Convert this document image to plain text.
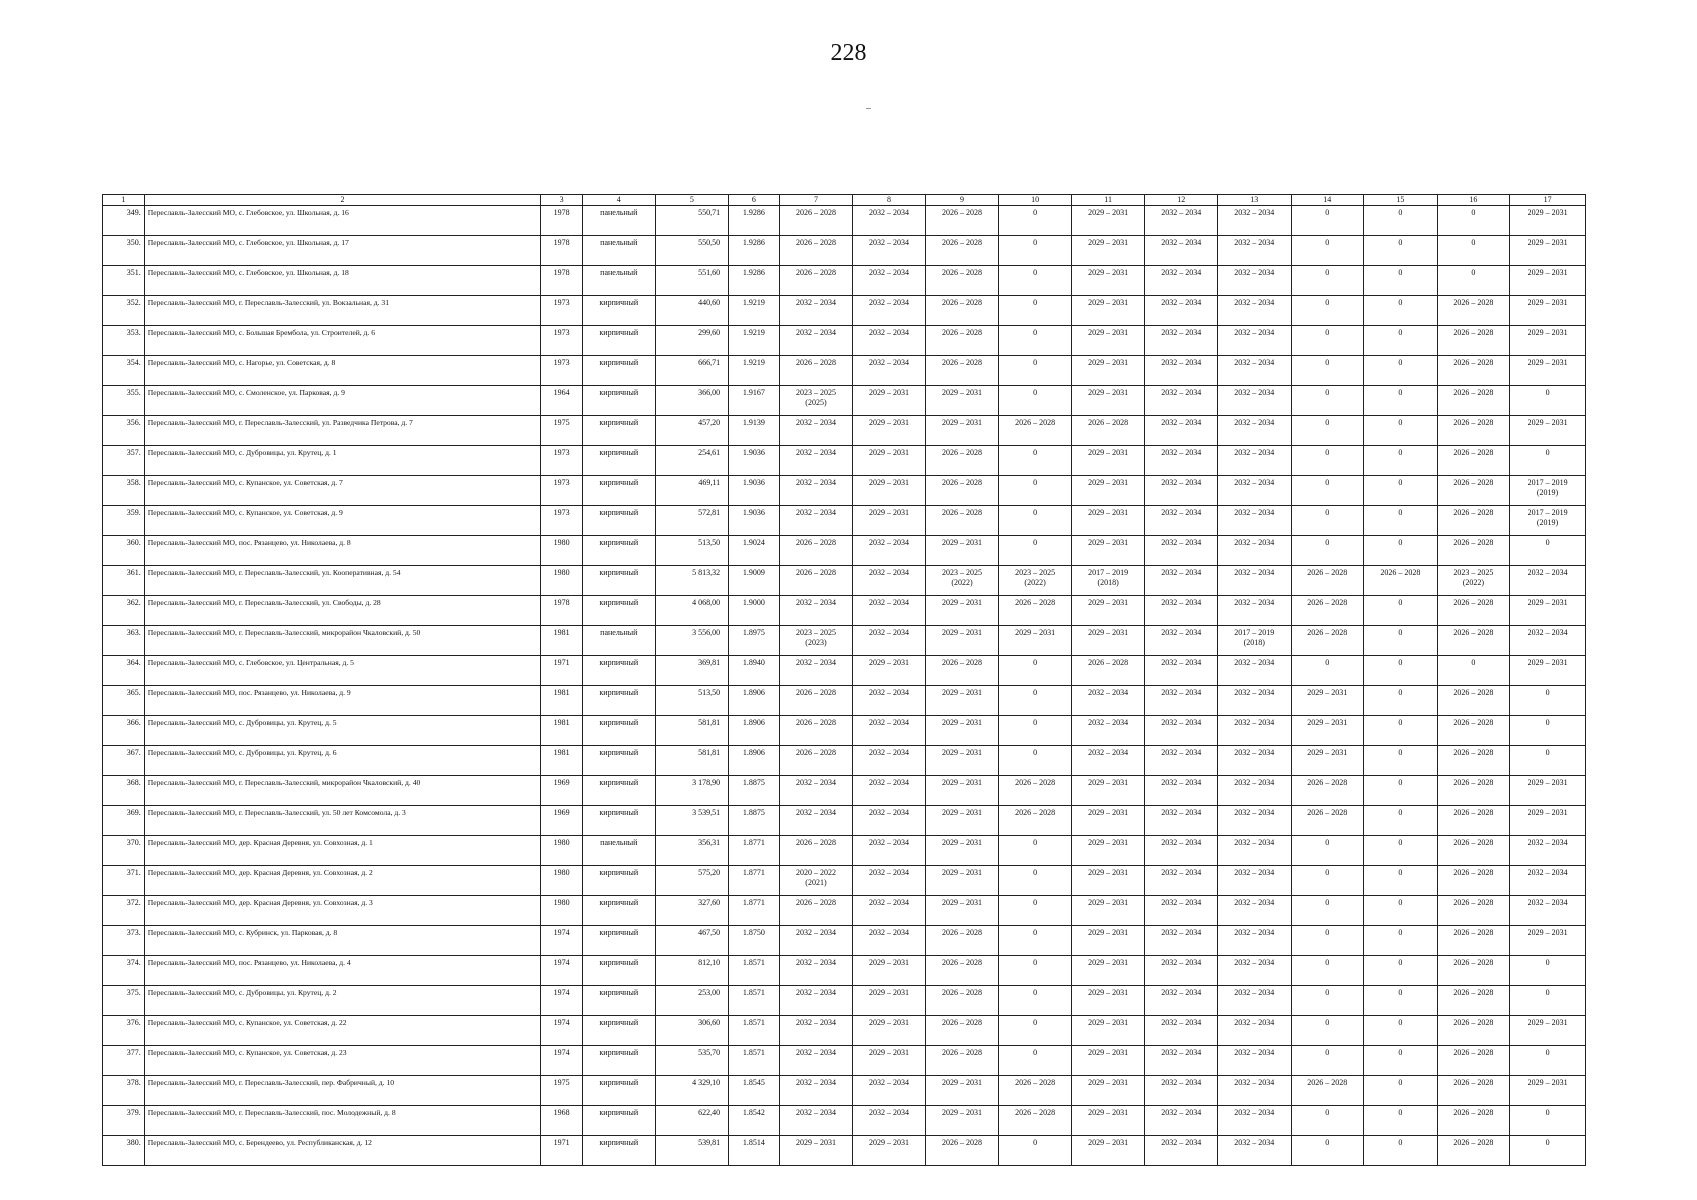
228
1	2	3	4	5	6	7	8	9	10	11	12	13	14	15	16	17

349.	Переславль-Залесский МО, с. Глебовское, ул. Школьная, д. 16	1978	панельный	550,71	1.9286	2026 – 2028	2032 – 2034	2026 – 2028	0	2029 – 2031	2032 – 2034	2032 – 2034	0	0	0	2029 – 2031

350.	Переславль-Залесский МО, с. Глебовское, ул. Школьная, д. 17	1978	панельный	550,50	1.9286	2026 – 2028	2032 – 2034	2026 – 2028	0	2029 – 2031	2032 – 2034	2032 – 2034	0	0	0	2029 – 2031

351.	Переславль-Залесский МО, с. Глебовское, ул. Школьная, д. 18	1978	панельный	551,60	1.9286	2026 – 2028	2032 – 2034	2026 – 2028	0	2029 – 2031	2032 – 2034	2032 – 2034	0	0	0	2029 – 2031

352.	Переславль-Залесский МО, г. Переславль-Залесский, ул. Вокзальная, д. 31	1973	кирпичный	440,60	1.9219	2032 – 2034	2032 – 2034	2026 – 2028	0	2029 – 2031	2032 – 2034	2032 – 2034	0	0	2026 – 2028	2029 – 2031

353.	Переславль-Залесский МО, с. Большая Брембола, ул. Строителей, д. 6	1973	кирпичный	299,60	1.9219	2032 – 2034	2032 – 2034	2026 – 2028	0	2029 – 2031	2032 – 2034	2032 – 2034	0	0	2026 – 2028	2029 – 2031

354.	Переславль-Залесский МО, с. Нагорье, ул. Советская, д. 8	1973	кирпичный	666,71	1.9219	2026 – 2028	2032 – 2034	2026 – 2028	0	2029 – 2031	2032 – 2034	2032 – 2034	0	0	2026 – 2028	2029 – 2031

355.	Переславль-Залесский МО, с. Смоленское, ул. Парковая, д. 9	1964	кирпичный	366,00	1.9167	2023 – 2025
(2025)	2029 – 2031	2029 – 2031	0	2029 – 2031	2032 – 2034	2032 – 2034	0	0	2026 – 2028	0

356.	Переславль-Залесский МО, г. Переславль-Залесский, ул. Разведчика Петрова, д. 7	1975	кирпичный	457,20	1.9139	2032 – 2034	2029 – 2031	2029 – 2031	2026 – 2028	2026 – 2028	2032 – 2034	2032 – 2034	0	0	2026 – 2028	2029 – 2031

357.	Переславль-Залесский МО, с. Дубровицы, ул. Крутец, д. 1	1973	кирпичный	254,61	1.9036	2032 – 2034	2029 – 2031	2026 – 2028	0	2029 – 2031	2032 – 2034	2032 – 2034	0	0	2026 – 2028	0

358.	Переславль-Залесский МО, с. Купанское, ул. Советская, д. 7	1973	кирпичный	469,11	1.9036	2032 – 2034	2029 – 2031	2026 – 2028	0	2029 – 2031	2032 – 2034	2032 – 2034	0	0	2026 – 2028	2017 – 2019
(2019)

359.	Переславль-Залесский МО, с. Купанское, ул. Советская, д. 9	1973	кирпичный	572,81	1.9036	2032 – 2034	2029 – 2031	2026 – 2028	0	2029 – 2031	2032 – 2034	2032 – 2034	0	0	2026 – 2028	2017 – 2019
(2019)

360.	Переславль-Залесский МО, пос. Рязанцево, ул. Николаева, д. 8	1980	кирпичный	513,50	1.9024	2026 – 2028	2032 – 2034	2029 – 2031	0	2029 – 2031	2032 – 2034	2032 – 2034	0	0	2026 – 2028	0

361.	Переславль-Залесский МО, г. Переславль-Залесский, ул. Кооперативная, д. 54	1980	кирпичный	5 813,32	1.9009	2026 – 2028	2032 – 2034	2023 – 2025
(2022)	2023 – 2025
(2022)	2017 – 2019
(2018)	2032 – 2034	2032 – 2034	2026 – 2028	2026 – 2028	2023 – 2025
(2022)	2032 – 2034

362.	Переславль-Залесский МО, г. Переславль-Залесский, ул. Свободы, д. 28	1978	кирпичный	4 068,00	1.9000	2032 – 2034	2032 – 2034	2029 – 2031	2026 – 2028	2029 – 2031	2032 – 2034	2032 – 2034	2026 – 2028	0	2026 – 2028	2029 – 2031

363.	Переславль-Залесский МО, г. Переславль-Залесский, микрорайон Чкаловский, д. 50	1981	панельный	3 556,00	1.8975	2023 – 2025
(2023)	2032 – 2034	2029 – 2031	2029 – 2031	2029 – 2031	2032 – 2034	2017 – 2019
(2018)	2026 – 2028	0	2026 – 2028	2032 – 2034

364.	Переславль-Залесский МО, с. Глебовское, ул. Центральная, д. 5	1971	кирпичный	369,81	1.8940	2032 – 2034	2029 – 2031	2026 – 2028	0	2026 – 2028	2032 – 2034	2032 – 2034	0	0	0	2029 – 2031

365.	Переславль-Залесский МО, пос. Рязанцево, ул. Николаева, д. 9	1981	кирпичный	513,50	1.8906	2026 – 2028	2032 – 2034	2029 – 2031	0	2032 – 2034	2032 – 2034	2032 – 2034	2029 – 2031	0	2026 – 2028	0

366.	Переславль-Залесский МО, с. Дубровицы, ул. Крутец, д. 5	1981	кирпичный	581,81	1.8906	2026 – 2028	2032 – 2034	2029 – 2031	0	2032 – 2034	2032 – 2034	2032 – 2034	2029 – 2031	0	2026 – 2028	0

367.	Переславль-Залесский МО, с. Дубровицы, ул. Крутец, д. 6	1981	кирпичный	581,81	1.8906	2026 – 2028	2032 – 2034	2029 – 2031	0	2032 – 2034	2032 – 2034	2032 – 2034	2029 – 2031	0	2026 – 2028	0

368.	Переславль-Залесский МО, г. Переславль-Залесский, микрорайон Чкаловский, д. 40	1969	кирпичный	3 178,90	1.8875	2032 – 2034	2032 – 2034	2029 – 2031	2026 – 2028	2029 – 2031	2032 – 2034	2032 – 2034	2026 – 2028	0	2026 – 2028	2029 – 2031

369.	Переславль-Залесский МО, г. Переславль-Залесский, ул. 50 лет Комсомола, д. 3	1969	кирпичный	3 539,51	1.8875	2032 – 2034	2032 – 2034	2029 – 2031	2026 – 2028	2029 – 2031	2032 – 2034	2032 – 2034	2026 – 2028	0	2026 – 2028	2029 – 2031

370.	Переславль-Залесский МО, дер. Красная Деревня, ул. Совхозная, д. 1	1980	панельный	356,31	1.8771	2026 – 2028	2032 – 2034	2029 – 2031	0	2029 – 2031	2032 – 2034	2032 – 2034	0	0	2026 – 2028	2032 – 2034

371.	Переславль-Залесский МО, дер. Красная Деревня, ул. Совхозная, д. 2	1980	кирпичный	575,20	1.8771	2020 – 2022
(2021)	2032 – 2034	2029 – 2031	0	2029 – 2031	2032 – 2034	2032 – 2034	0	0	2026 – 2028	2032 – 2034

372.	Переславль-Залесский МО, дер. Красная Деревня, ул. Совхозная, д. 3	1980	кирпичный	327,60	1.8771	2026 – 2028	2032 – 2034	2029 – 2031	0	2029 – 2031	2032 – 2034	2032 – 2034	0	0	2026 – 2028	2032 – 2034

373.	Переславль-Залесский МО, с. Кубринск, ул. Парковая, д. 8	1974	кирпичный	467,50	1.8750	2032 – 2034	2032 – 2034	2026 – 2028	0	2029 – 2031	2032 – 2034	2032 – 2034	0	0	2026 – 2028	2029 – 2031

374.	Переславль-Залесский МО, пос. Рязанцево, ул. Николаева, д. 4	1974	кирпичный	812,10	1.8571	2032 – 2034	2029 – 2031	2026 – 2028	0	2029 – 2031	2032 – 2034	2032 – 2034	0	0	2026 – 2028	0

375.	Переславль-Залесский МО, с. Дубровицы, ул. Крутец, д. 2	1974	кирпичный	253,00	1.8571	2032 – 2034	2029 – 2031	2026 – 2028	0	2029 – 2031	2032 – 2034	2032 – 2034	0	0	2026 – 2028	0

376.	Переславль-Залесский МО, с. Купанское, ул. Советская, д. 22	1974	кирпичный	306,60	1.8571	2032 – 2034	2029 – 2031	2026 – 2028	0	2029 – 2031	2032 – 2034	2032 – 2034	0	0	2026 – 2028	2029 – 2031

377.	Переславль-Залесский МО, с. Купанское, ул. Советская, д. 23	1974	кирпичный	535,70	1.8571	2032 – 2034	2029 – 2031	2026 – 2028	0	2029 – 2031	2032 – 2034	2032 – 2034	0	0	2026 – 2028	0

378.	Переславль-Залесский МО, г. Переславль-Залесский, пер. Фабричный, д. 10	1975	кирпичный	4 329,10	1.8545	2032 – 2034	2032 – 2034	2029 – 2031	2026 – 2028	2029 – 2031	2032 – 2034	2032 – 2034	2026 – 2028	0	2026 – 2028	2029 – 2031

379.	Переславль-Залесский МО, г. Переславль-Залесский, пос. Молодежный, д. 8	1968	кирпичный	622,40	1.8542	2032 – 2034	2032 – 2034	2029 – 2031	2026 – 2028	2029 – 2031	2032 – 2034	2032 – 2034	0	0	2026 – 2028	0

380.	Переславль-Залесский МО, с. Берендеево, ул. Республиканская, д. 12	1971	кирпичный	539,81	1.8514	2029 – 2031	2029 – 2031	2026 – 2028	0	2029 – 2031	2032 – 2034	2032 – 2034	0	0	2026 – 2028	0
